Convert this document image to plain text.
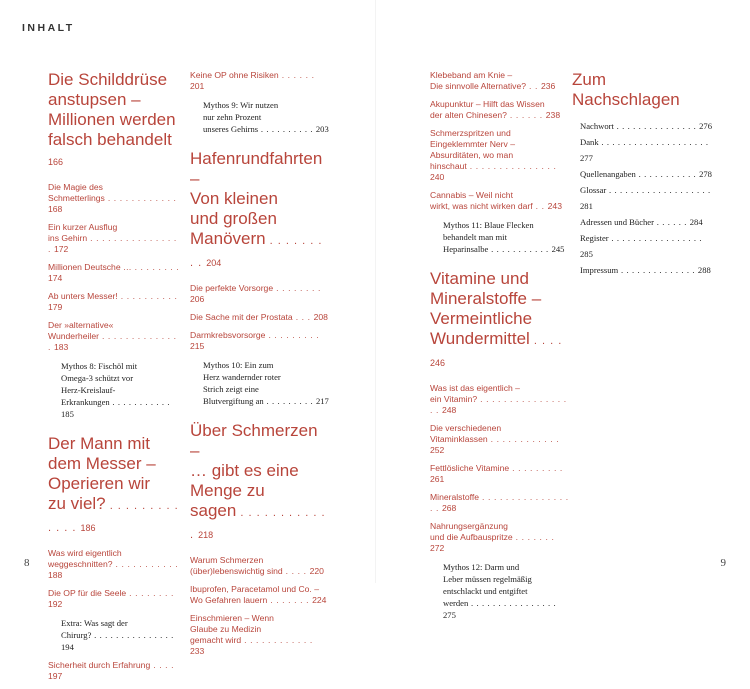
INHALT
Die Schilddrüse
anstupsen –
Millionen werden
falsch behandelt 166
Die Magie des
Schmetterlings . . . . . . . . . . . . 168
Ein kurzer Ausflug
ins Gehirn . . . . . . . . . . . . . . . . 172
Millionen Deutsche … . . . . . . . . 174
Ab unters Messer! . . . . . . . . . . 179
Der »alternative«
Wunderheiler . . . . . . . . . . . . . . 183
Mythos 8: Fischöl mit
Omega-3 schützt vor
Herz-Kreislauf-
Erkrankungen . . . . . . . . . . . 185
Der Mann mit
dem Messer –
Operieren wir
zu viel? . . . . . . . . . . . . . 186
Was wird eigentlich
weggeschnitten? . . . . . . . . . . . 188
Die OP für die Seele . . . . . . . . 192
Extra: Was sagt der
Chirurg? . . . . . . . . . . . . . . . 194
Sicherheit durch Erfahrung . . . . 197
Keine OP ohne Risiken . . . . . . 201
Mythos 9: Wir nutzen
nur zehn Prozent
unseres Gehirns . . . . . . . . . . 203
Hafenrundfahrten –
Von kleinen
und großen
Manövern . . . . . . . . . 204
Die perfekte Vorsorge . . . . . . . . 206
Die Sache mit der Prostata . . . 208
Darmkrebsvorsorge . . . . . . . . . 215
Mythos 10: Ein zum
Herz wandernder roter
Strich zeigt eine
Blutvergiftung an . . . . . . . . . 217
Über Schmerzen –
… gibt es eine
Menge zu
sagen . . . . . . . . . . . . 218
Warum Schmerzen
(über)lebenswichtig sind . . . . 220
Ibuprofen, Paracetamol und Co. –
Wo Gefahren lauern . . . . . . . 224
Einschmieren – Wenn
Glaube zu Medizin
gemacht wird . . . . . . . . . . . . 233
Klebeband am Knie –
Die sinnvolle Alternative? . . 236
Akupunktur – Hilft das Wissen
der alten Chinesen? . . . . . . 238
Schmerzspritzen und
Eingeklemmter Nerv –
Absurditäten, wo man
hinschaut . . . . . . . . . . . . . . . 240
Cannabis – Weil nicht
wirkt, was nicht wirken darf . . 243
Mythos 11: Blaue Flecken
behandelt man mit
Heparinsalbe . . . . . . . . . . . 245
Vitamine und
Mineralstoffe –
Vermeintliche
Wundermittel . . . . 246
Was ist das eigentlich –
ein Vitamin? . . . . . . . . . . . . . . . . . 248
Die verschiedenen
Vitaminklassen . . . . . . . . . . . . 252
Fettlösliche Vitamine . . . . . . . . . 261
Mineralstoffe . . . . . . . . . . . . . . . . . 268
Nahrungsergänzung
und die Aufbauspritze . . . . . . . 272
Mythos 12: Darm und
Leber müssen regelmäßig
entschlackt und entgiftet
werden . . . . . . . . . . . . . . . . 275
Zum Nachschlagen
Nachwort . . . . . . . . . . . . . . . 276
Dank . . . . . . . . . . . . . . . . . . . . 277
Quellenangaben . . . . . . . . . . . 278
Glossar . . . . . . . . . . . . . . . . . . . 281
Adressen und Bücher . . . . . . 284
Register . . . . . . . . . . . . . . . . . 285
Impressum . . . . . . . . . . . . . . 288
8	9
